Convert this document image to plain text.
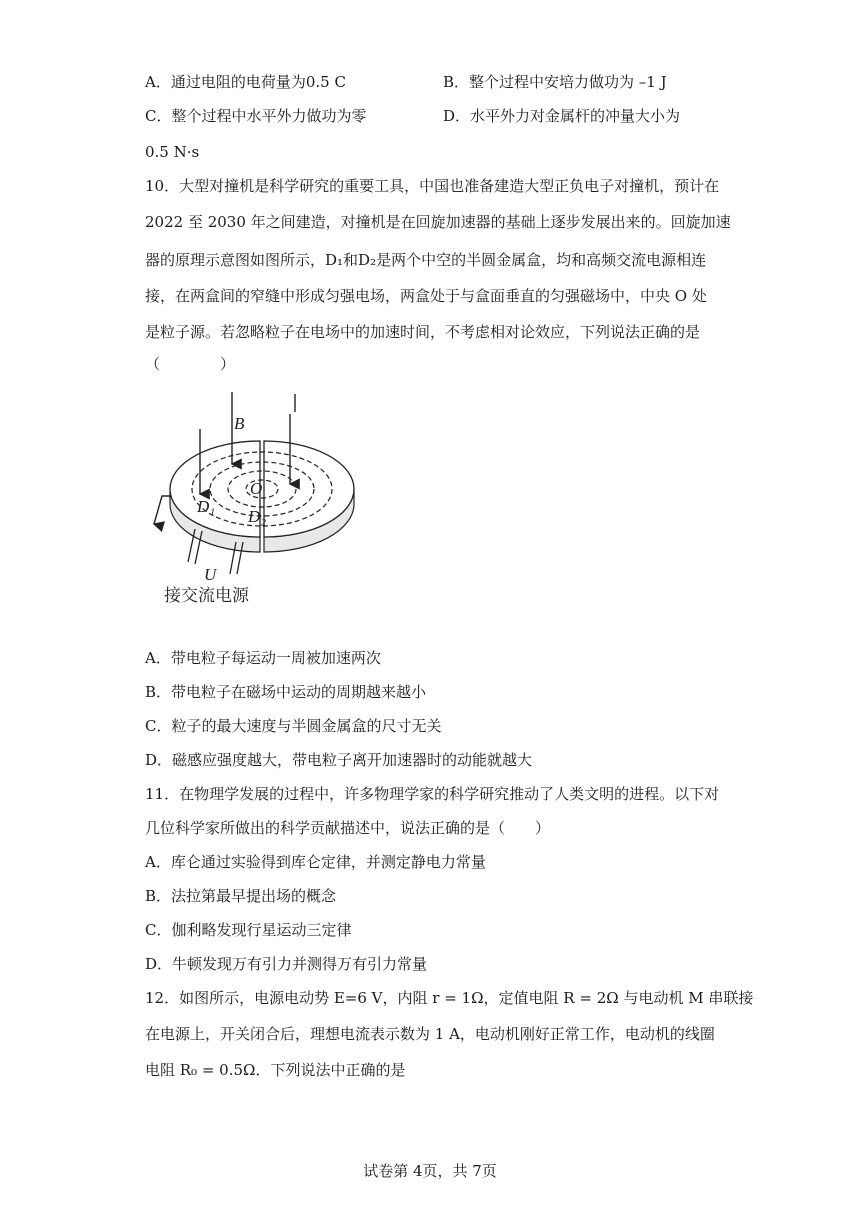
A．通过电阻的电荷量为0.5 C	B．整个过程中安培力做功为 –1 J
C．整个过程中水平外力做功为零	D．水平外力对金属杆的冲量大小为
0.5 N·s
10．大型对撞机是科学研究的重要工具，中国也准备建造大型正负电子对撞机，预计在
2022 至 2030 年之间建造，对撞机是在回旋加速器的基础上逐步发展出来的。回旋加速
器的原理示意图如图所示，D₁和D₂是两个中空的半圆金属盒，均和高频交流电源相连
接，在两盒间的窄缝中形成匀强电场，两盒处于与盒面垂直的匀强磁场中，中央 O 处
是粒子源。若忽略粒子在电场中的加速时间，不考虑相对论效应，下列说法正确的是
（　　　　）
B
O
D₁
D₂
U
接交流电源
A．带电粒子每运动一周被加速两次
B．带电粒子在磁场中运动的周期越来越小
C．粒子的最大速度与半圆金属盒的尺寸无关
D．磁感应强度越大，带电粒子离开加速器时的动能就越大
11．在物理学发展的过程中，许多物理学家的科学研究推动了人类文明的进程。以下对
几位科学家所做出的科学贡献描述中，说法正确的是（　　）
A．库仑通过实验得到库仑定律，并测定静电力常量
B．法拉第最早提出场的概念
C．伽利略发现行星运动三定律
D．牛顿发现万有引力并测得万有引力常量
12．如图所示，电源电动势 E=6 V，内阻 r = 1Ω，定值电阻 R = 2Ω 与电动机 M 串联接
在电源上，开关闭合后，理想电流表示数为 1 A，电动机刚好正常工作，电动机的线圈
电阻 R₀ = 0.5Ω．下列说法中正确的是
试卷第 4页，共 7页
